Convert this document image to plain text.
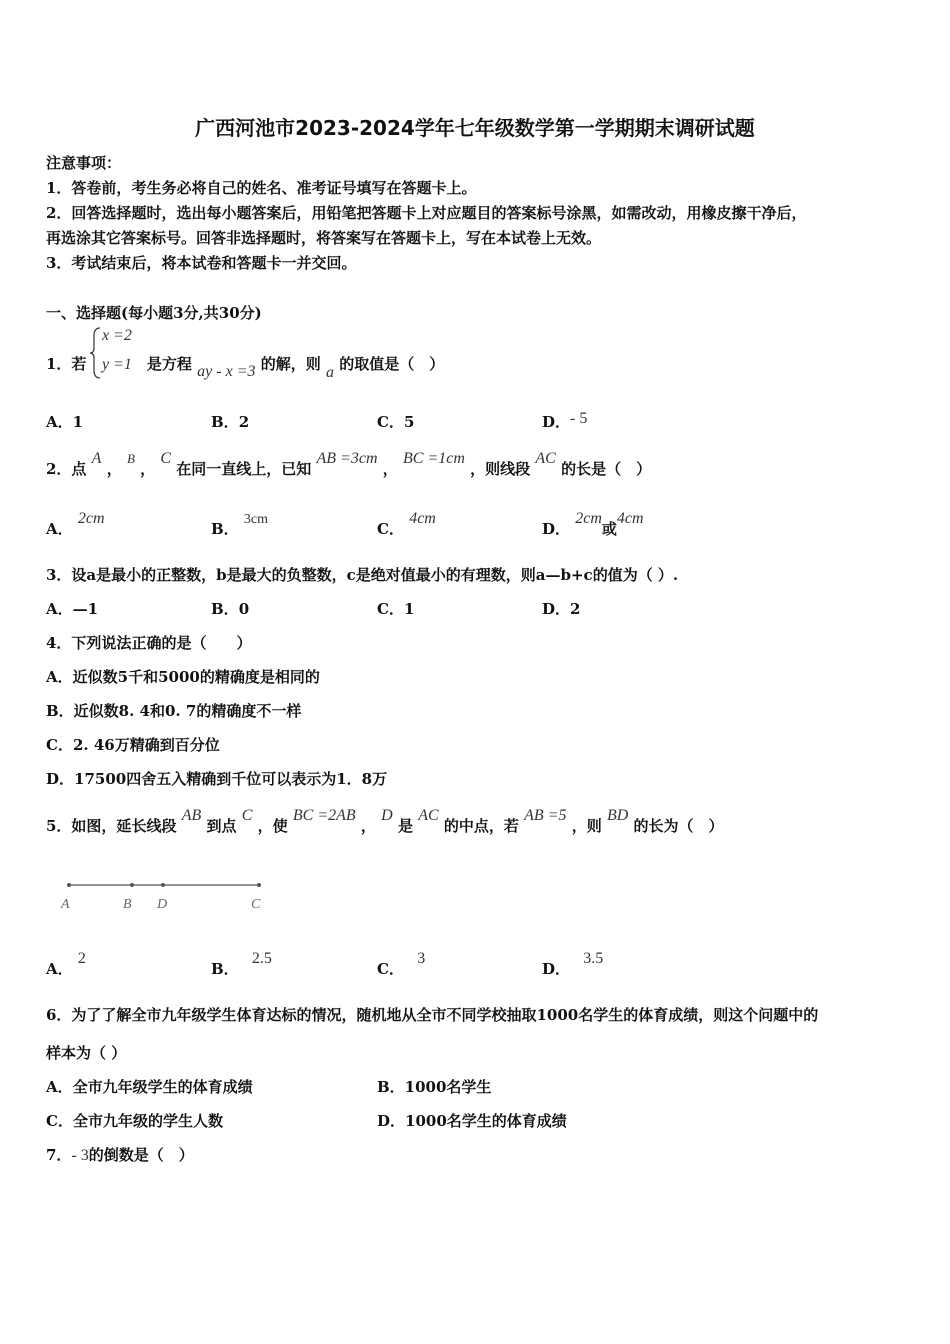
广西河池市2023-2024学年七年级数学第一学期期末调研试题
注意事项：
1．答卷前，考生务必将自己的姓名、准考证号填写在答题卡上。
2．回答选择题时，选出每小题答案后，用铅笔把答题卡上对应题目的答案标号涂黑，如需改动，用橡皮擦干净后，
再选涂其它答案标号。回答非选择题时，将答案写在答题卡上，写在本试卷上无效。
3．考试结束后，将本试卷和答题卡一并交回。
一、选择题(每小题3分,共30分)
1．若	是方程 ay - x =3 的解，则 a 的取值是（　）
x =2
y =1
A．1	B．2	C．5	D．- 5
2．点 A ， B ， C 在同一直线上，已知 AB =3cm ， BC =1cm ，则线段 AC 的长是（　）
A． 2cm
B． 3cm
C． 4cm
D． 2cm或4cm
3．设a是最小的正整数，b是最大的负整数，c是绝对值最小的有理数，则a—b+c的值为（ ）.
A．—1	B．0	C．1	D．2
4．下列说法正确的是（　　）
A．近似数5千和5000的精确度是相同的
B．近似数8. 4和0. 7的精确度不一样
C．2. 46万精确到百分位
D．17500四舍五入精确到千位可以表示为1．8万
5．如图，延长线段 AB 到点 C ，使 BC =2AB ， D 是 AC 的中点，若 AB =5 ，则 BD 的长为（　）
A	B D	C
A． 2
B． 2.5
C． 3
D． 3.5
6．为了了解全市九年级学生体育达标的情况，随机地从全市不同学校抽取1000名学生的体育成绩，则这个问题中的
样本为（ ）
A．全市九年级学生的体育成绩	B．1000名学生
C．全市九年级的学生人数	D．1000名学生的体育成绩
7．- 3的倒数是（　）
